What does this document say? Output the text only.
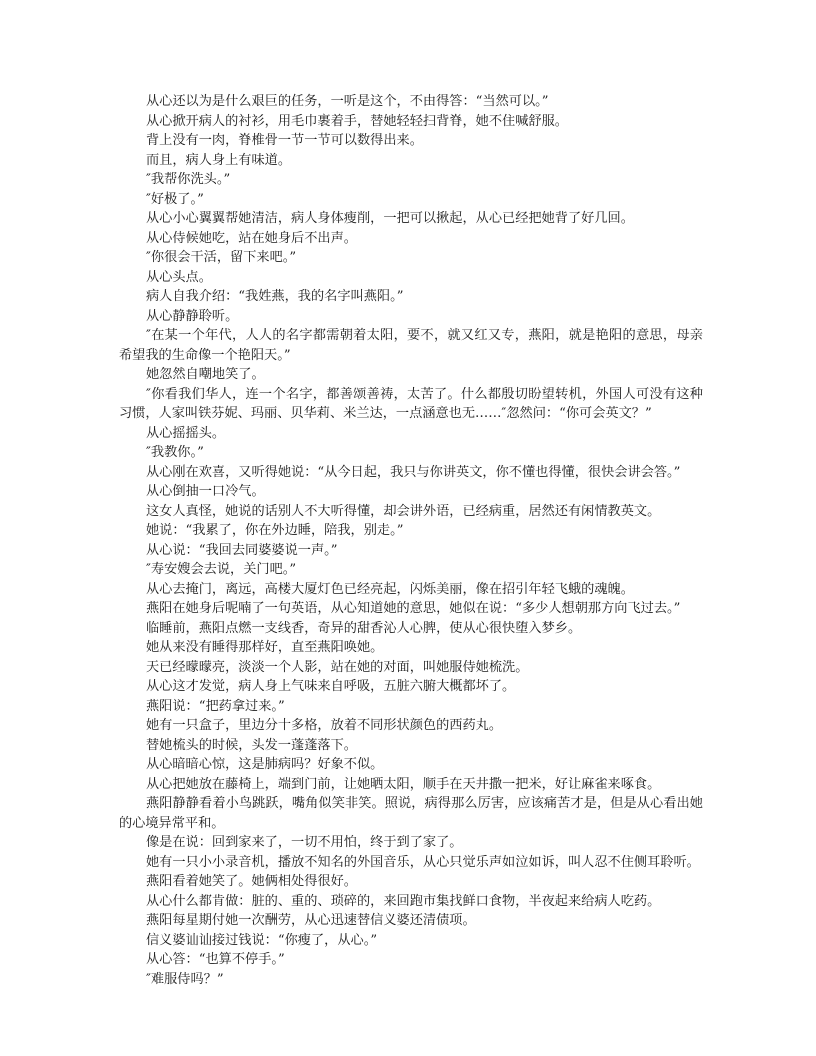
从心还以为是什么艰巨的任务，一听是这个，不由得答：“当然可以。”

从心掀开病人的衬衫，用毛巾裹着手，替她轻轻扫背脊，她不住喊舒服。

背上没有一肉，脊椎骨一节一节可以数得出来。

而且，病人身上有味道。

″我帮你洗头。”

″好极了。”

从心小心翼翼帮她清洁，病人身体瘦削，一把可以揪起，从心已经把她背了好几回。

从心侍候她吃，站在她身后不出声。

″你很会干活，留下来吧。”

从心头点。

病人自我介绍：“我姓燕，我的名字叫燕阳。”

从心静静聆听。

″在某一个年代，人人的名字都需朝着太阳，要不，就又红又专，燕阳，就是艳阳的意思，母亲希望我的生命像一个艳阳天。”

她忽然自嘲地笑了。

″你看我们华人，连一个名字，都善颂善祷，太苦了。什么都殷切盼望转机，外国人可没有这种习惯，人家叫铁芬妮、玛丽、贝华莉、米兰达，一点涵意也无……″忽然问：“你可会英文？”

从心摇摇头。

″我教你。”

从心刚在欢喜，又听得她说：“从今日起，我只与你讲英文，你不懂也得懂，很快会讲会答。”

从心倒抽一口冷气。

这女人真怪，她说的话别人不大听得懂，却会讲外语，已经病重，居然还有闲情教英文。

她说：“我累了，你在外边睡，陪我，别走。”

从心说：“我回去同婆婆说一声。”

″寿安嫂会去说，关门吧。”

从心去掩门，离远，高楼大厦灯色已经亮起，闪烁美丽，像在招引年轻飞蛾的魂魄。

燕阳在她身后呢喃了一句英语，从心知道她的意思，她似在说：“多少人想朝那方向飞过去。”

临睡前，燕阳点燃一支线香，奇异的甜香沁人心脾，使从心很快堕入梦乡。

她从来没有睡得那样好，直至燕阳唤她。

天已经曚曚亮，淡淡一个人影，站在她的对面，叫她服侍她梳洗。

从心这才发觉，病人身上气味来自呼吸，五脏六腑大概都坏了。

燕阳说：“把药拿过来。”

她有一只盒子，里边分十多格，放着不同形状颜色的西药丸。

替她梳头的时候，头发一蓬蓬落下。

从心暗暗心惊，这是肺病吗？好象不似。

从心把她放在藤椅上，端到门前，让她晒太阳，顺手在天井撒一把米，好让麻雀来啄食。

燕阳静静看着小鸟跳跃，嘴角似笑非笑。照说，病得那么厉害，应该痛苦才是，但是从心看出她的心境异常平和。

像是在说：回到家来了，一切不用怕，终于到了家了。

她有一只小小录音机，播放不知名的外国音乐，从心只觉乐声如泣如诉，叫人忍不住侧耳聆听。

燕阳看着她笑了。她俩相处得很好。

从心什么都肯做：脏的、重的、琐碎的，来回跑市集找鲜口食物，半夜起来给病人吃药。

燕阳每星期付她一次酬劳，从心迅速替信义婆还清债项。

信义婆讪讪接过钱说：“你瘦了，从心。”

从心答：“也算不停手。”

″难服侍吗？”
